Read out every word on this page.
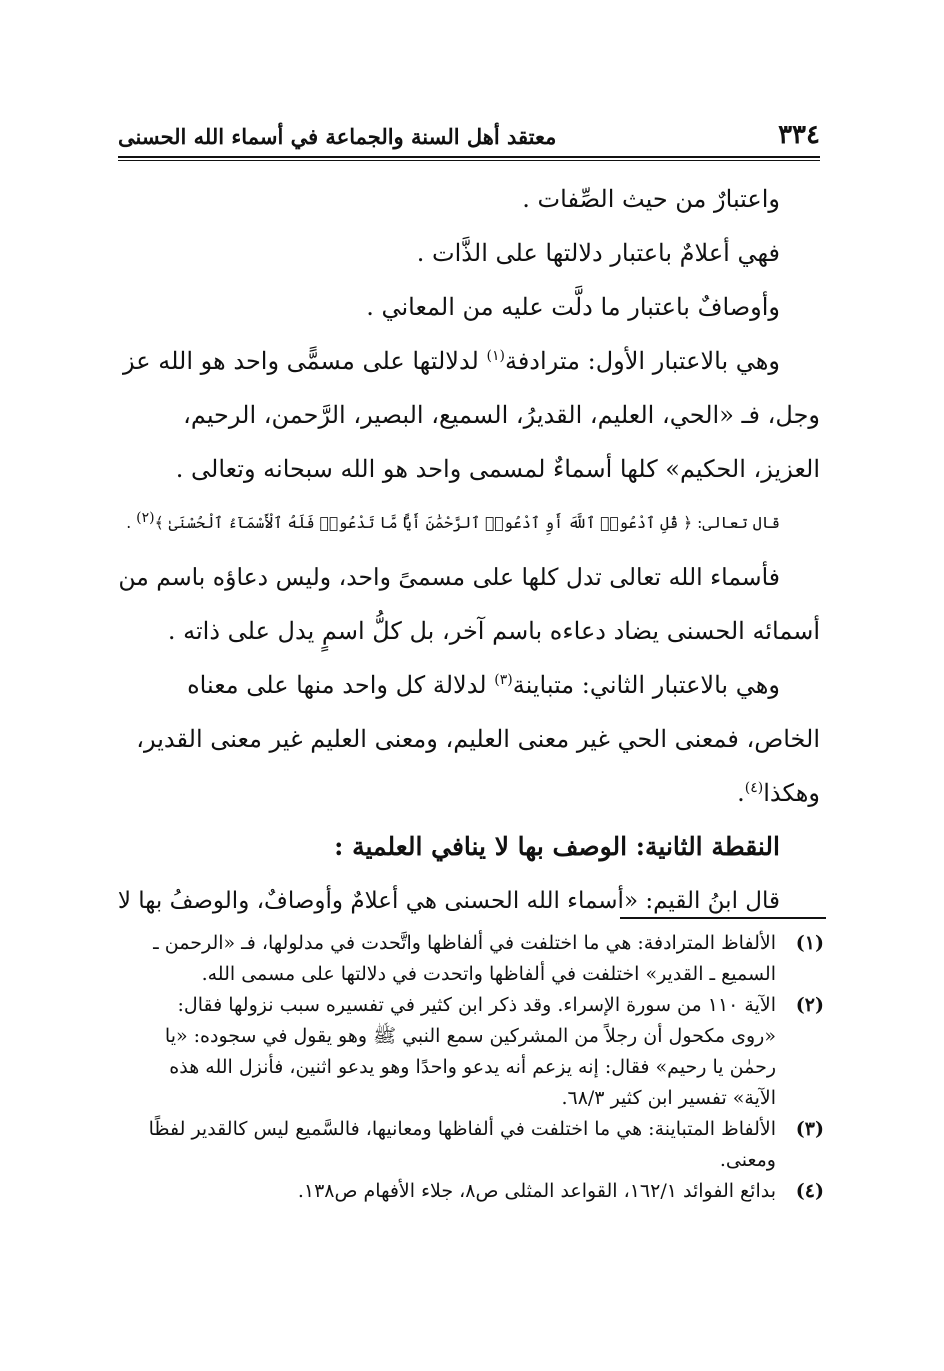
٣٣٤
معتقد أهل السنة والجماعة في أسماء الله الحسنى
واعتبارٌ من حيث الصِّفات .
فهي أعلامٌ باعتبار دلالتها على الذَّات .
وأوصافٌ باعتبار ما دلَّت عليه من المعاني .
وهي بالاعتبار الأول: مترادفة$^{(١)}$ لدلالتها على مسمًّى واحد هو الله عز
وجل، فـ «الحي، العليم، القديرُ، السميع، البصير، الرَّحمن، الرحيم،
العزيز، الحكيم» كلها أسماءٌ لمسمى واحد هو الله سبحانه وتعالى .
قال تعالى: ﴿ قُلِ ٱدْعُوا۟ ٱللَّهَ أَوِ ٱدْعُوا۟ ٱلرَّحْمَٰنَ أَيًّا مَّا تَدْعُوا۟ فَلَهُ ٱلْأَسْمَآءُ ٱلْحُسْنَىٰ ﴾$^{(٢)}$ .
فأسماء الله تعالى تدل كلها على مسمىً واحد، وليس دعاؤه باسم من
أسمائه الحسنى يضاد دعاءه باسم آخر، بل كلُّ اسمٍ يدل على ذاته .
وهي بالاعتبار الثاني: متباينة$^{(٣)}$ لدلالة كل واحد منها على معناه
الخاص، فمعنى الحي غير معنى العليم، ومعنى العليم غير معنى القدير،
وهكذا$^{(٤)}$.
النقطة الثانية: الوصف بها لا ينافي العلمية :
قال ابنُ القيم: «أسماء الله الحسنى هي أعلامٌ وأوصافٌ، والوصفُ بها لا
(١)
الألفاظ المترادفة: هي ما اختلفت في ألفاظها واتَّحدت في مدلولها، فـ «الرحمن ـ
السميع ـ القدير» اختلفت في ألفاظها واتحدت في دلالتها على مسمى الله.
(٢)
الآية ١١٠ من سورة الإسراء. وقد ذكر ابن كثير في تفسيره سبب نزولها فقال:
«روى مكحول أن رجلاً من المشركين سمع النبي ﷺ وهو يقول في سجوده: «يا
رحمٰن يا رحيم» فقال: إنه يزعم أنه يدعو واحدًا وهو يدعو اثنين، فأنزل الله هذه
الآية» تفسير ابن كثير ٦٨/٣.
(٣)
الألفاظ المتباينة: هي ما اختلفت في ألفاظها ومعانيها، فالسَّميع ليس كالقدير لفظًا
ومعنى.
(٤)
بدائع الفوائد ١٦٢/١، القواعد المثلى ص٨، جلاء الأفهام ص١٣٨.
